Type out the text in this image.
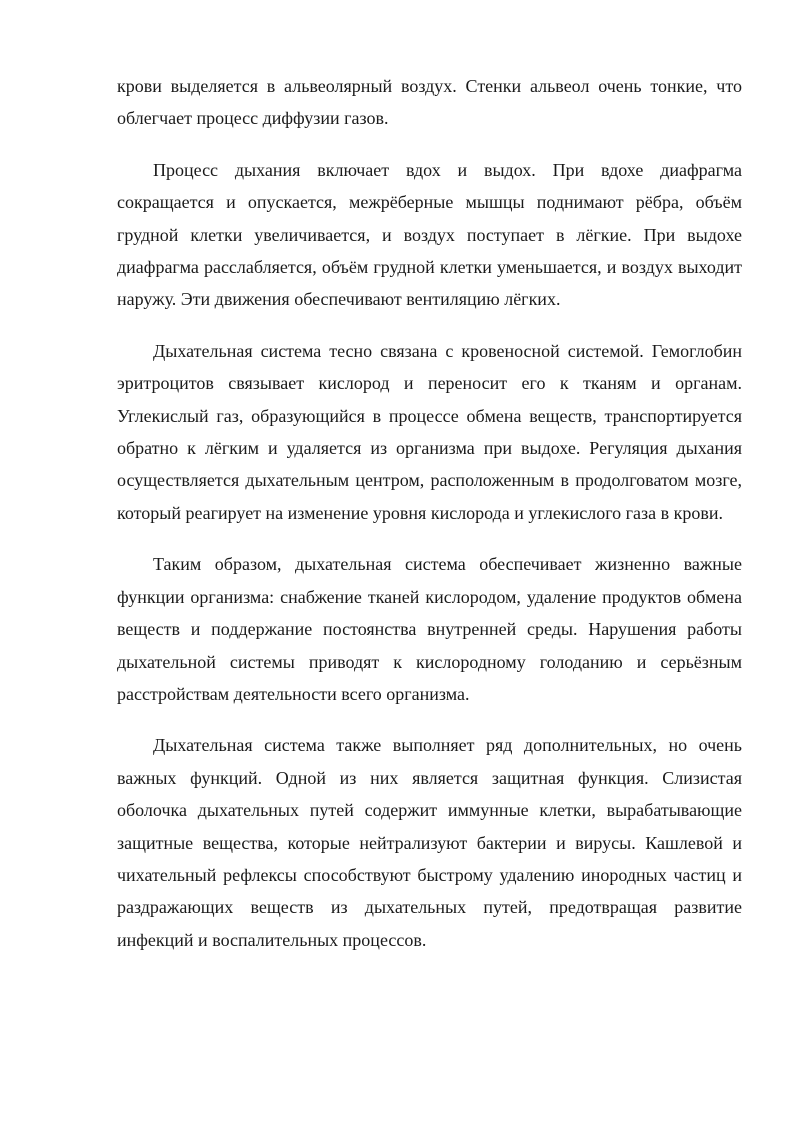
крови выделяется в альвеолярный воздух. Стенки альвеол очень тонкие, что облегчает процесс диффузии газов.

Процесс дыхания включает вдох и выдох. При вдохе диафрагма сокращается и опускается, межрёберные мышцы поднимают рёбра, объём грудной клетки увеличивается, и воздух поступает в лёгкие. При выдохе диафрагма расслабляется, объём грудной клетки уменьшается, и воздух выходит наружу. Эти движения обеспечивают вентиляцию лёгких.

Дыхательная система тесно связана с кровеносной системой. Гемоглобин эритроцитов связывает кислород и переносит его к тканям и органам. Углекислый газ, образующийся в процессе обмена веществ, транспортируется обратно к лёгким и удаляется из организма при выдохе. Регуляция дыхания осуществляется дыхательным центром, расположенным в продолговатом мозге, который реагирует на изменение уровня кислорода и углекислого газа в крови.

Таким образом, дыхательная система обеспечивает жизненно важные функции организма: снабжение тканей кислородом, удаление продуктов обмена веществ и поддержание постоянства внутренней среды. Нарушения работы дыхательной системы приводят к кислородному голоданию и серьёзным расстройствам деятельности всего организма.

Дыхательная система также выполняет ряд дополнительных, но очень важных функций. Одной из них является защитная функция. Слизистая оболочка дыхательных путей содержит иммунные клетки, вырабатывающие защитные вещества, которые нейтрализуют бактерии и вирусы. Кашлевой и чихательный рефлексы способствуют быстрому удалению инородных частиц и раздражающих веществ из дыхательных путей, предотвращая развитие инфекций и воспалительных процессов.
